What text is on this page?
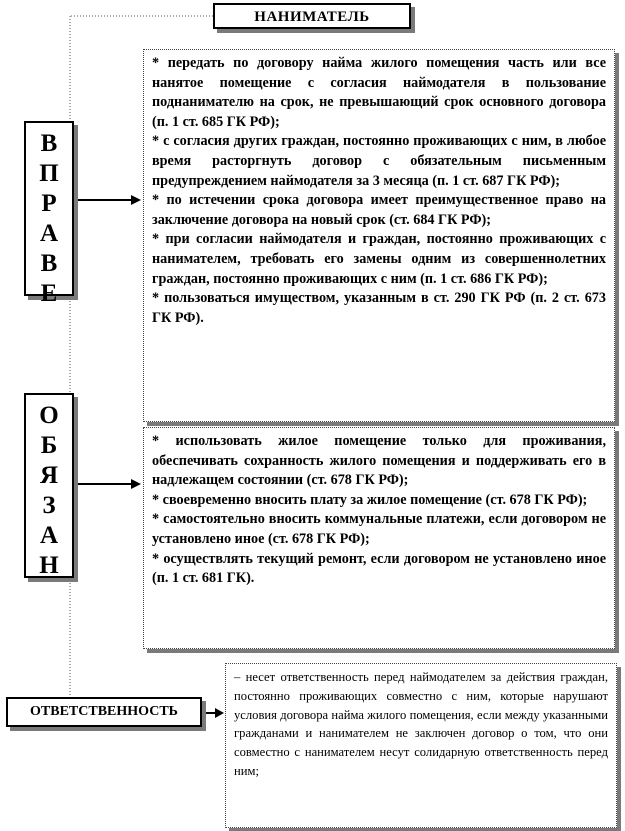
НАНИМАТЕЛЬ
В
П
Р
А
В
Е
О
Б
Я
З
А
Н
ОТВЕТСТВЕННОСТЬ

* передать по договору найма жилого помещения часть или все нанятое помещение с согласия наймодателя в пользование поднанимателю на срок, не превышающий срок основного договора (п. 1 ст. 685 ГК РФ);

* с согласия других граждан, постоянно проживающих с ним, в любое время расторгнуть договор с обязательным письменным предупреждением наймодателя за 3 месяца (п. 1 ст. 687 ГК РФ);

* по истечении срока договора имеет преимущественное право на заключение договора на новый срок (ст. 684 ГК РФ);

* при согласии наймодателя и граждан, постоянно проживающих с нанимателем, требовать его замены одним из совершеннолетних граждан, постоянно проживающих с ним (п. 1 ст. 686 ГК РФ);

* пользоваться имуществом, указанным в ст. 290 ГК РФ (п. 2 ст. 673 ГК РФ).

* использовать жилое помещение только для проживания, обеспечивать сохранность жилого помещения и поддерживать его в надлежащем состоянии (ст. 678 ГК РФ);

* своевременно вносить плату за жилое помещение (ст. 678 ГК РФ);

* самостоятельно вносить коммунальные платежи, если договором не установлено иное (ст. 678 ГК РФ);

* осуществлять текущий ремонт, если договором не установлено иное (п. 1 ст. 681 ГК).

– несет ответственность перед наймодателем за действия граждан, постоянно проживающих совместно с ним, которые нарушают условия договора найма жилого помещения, если между указанными гражданами и нанимателем не заключен договор о том, что они совместно с нанимателем несут солидарную ответственность перед ним;
